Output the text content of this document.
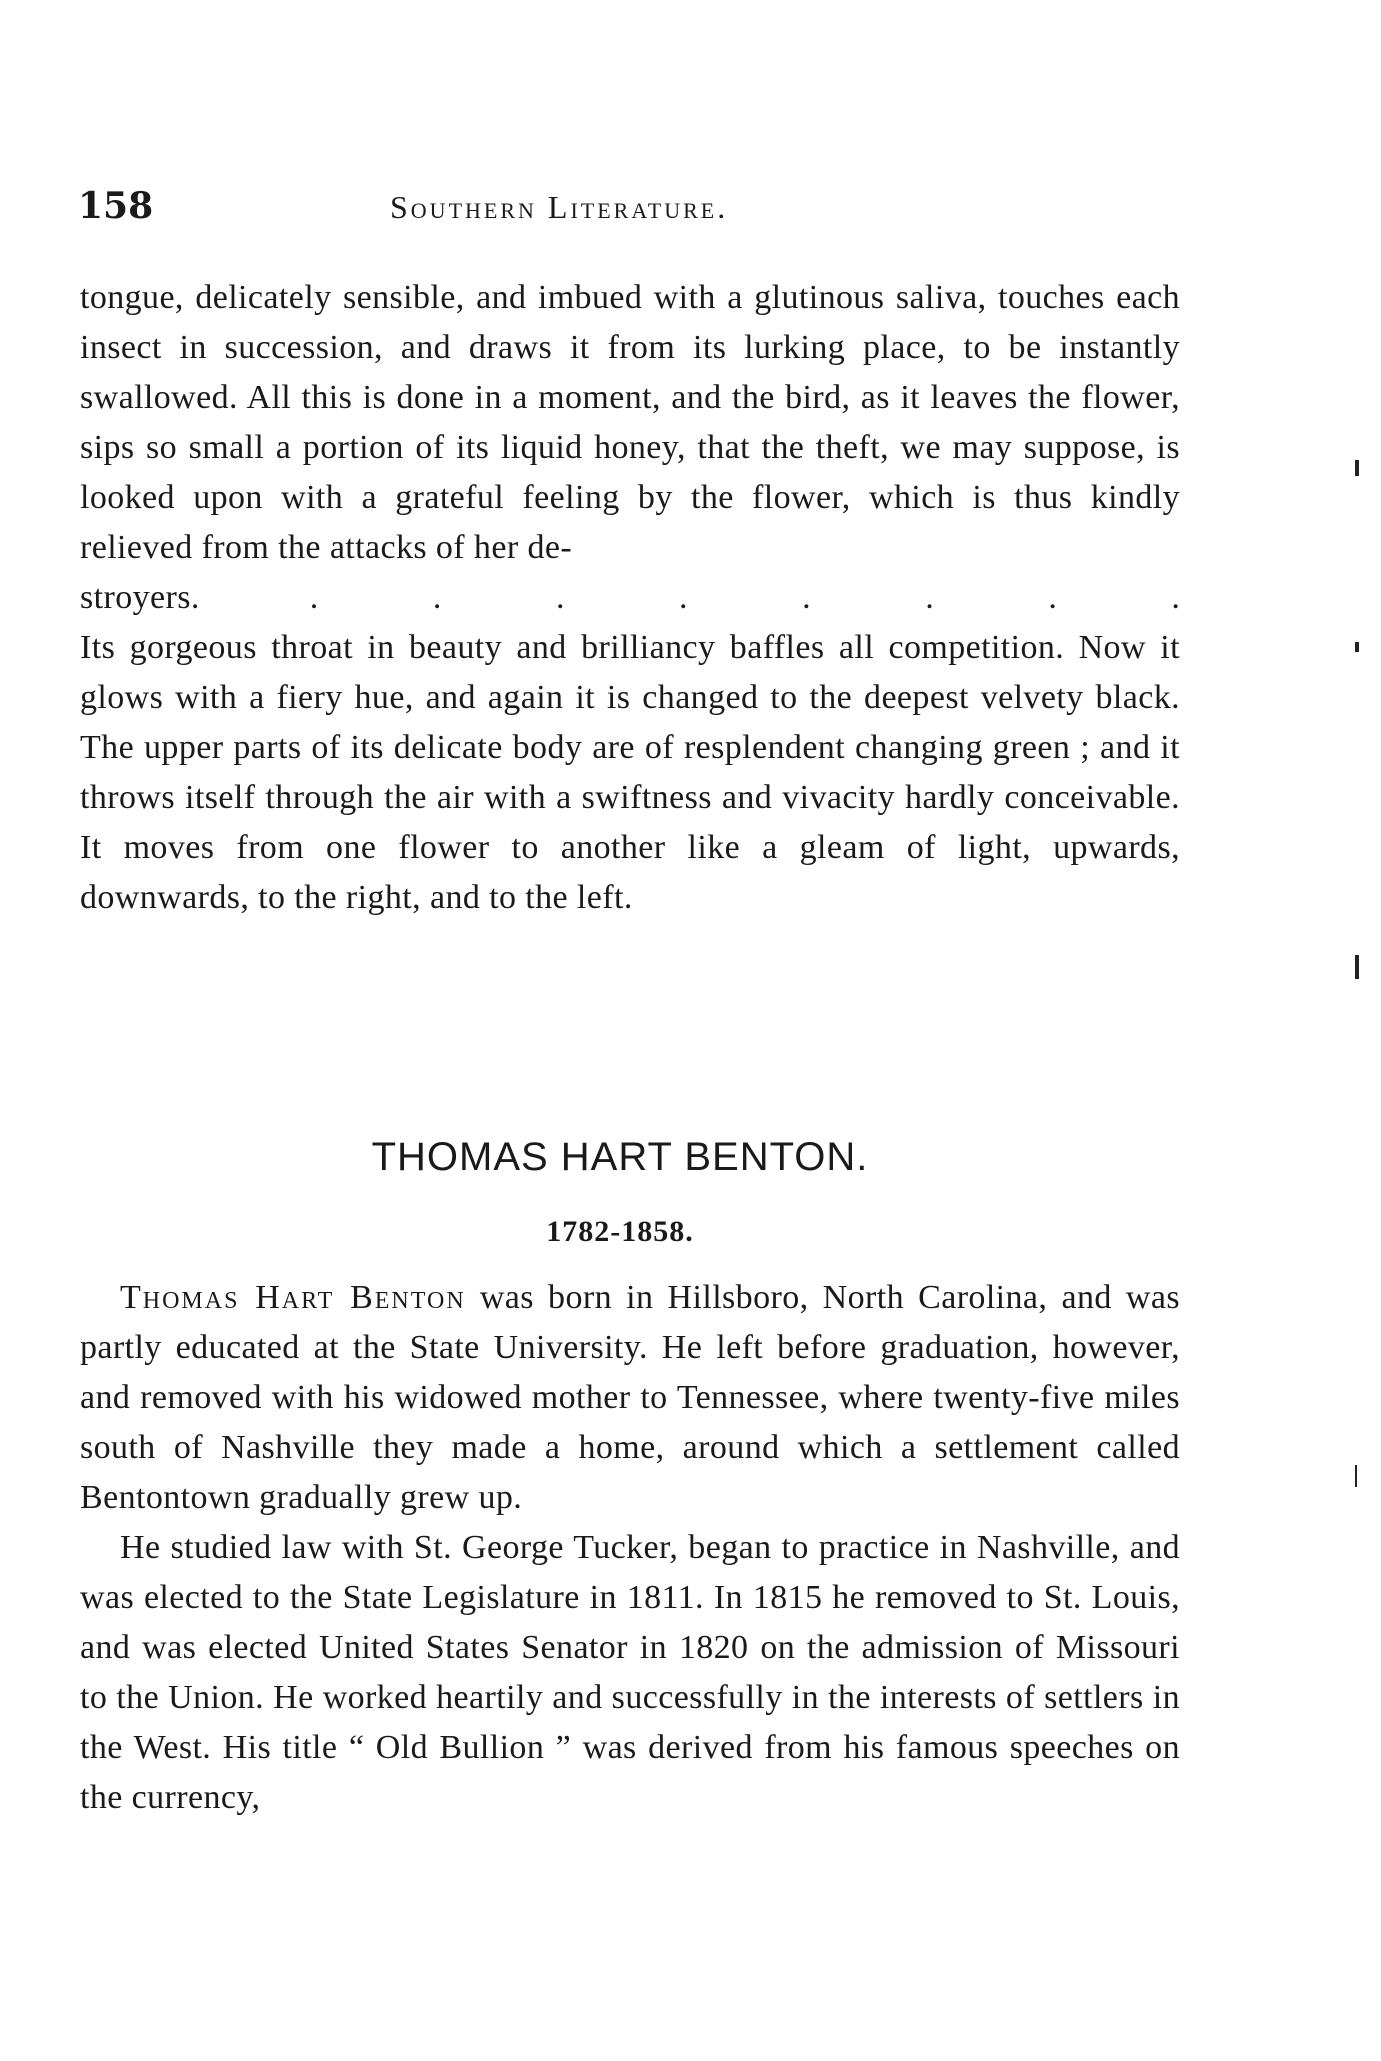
158	Southern Literature.

tongue, delicately sensible, and imbued with a glutinous saliva, touches each insect in succession, and draws it from its lurking place, to be instantly swallowed. All this is done in a moment, and the bird, as it leaves the flower, sips so small a portion of its liquid honey, that the theft, we may suppose, is looked upon with a grateful feeling by the flower, which is thus kindly relieved from the attacks of her de-

stroyers.	.	.	.	.	.	.	.	.

Its gorgeous throat in beauty and brilliancy baffles all competition. Now it glows with a fiery hue, and again it is changed to the deepest velvety black. The upper parts of its delicate body are of resplendent changing green ; and it throws itself through the air with a swiftness and vivacity hardly conceivable. It moves from one flower to another like a gleam of light, upwards, downwards, to the right, and to the left.

THOMAS HART BENTON.
1782-1858.

Thomas Hart Benton was born in Hillsboro, North Carolina, and was partly educated at the State University. He left before graduation, however, and removed with his widowed mother to Tennessee, where twenty-five miles south of Nashville they made a home, around which a settlement called Bentontown gradually grew up.

He studied law with St. George Tucker, began to practice in Nashville, and was elected to the State Legislature in 1811. In 1815 he removed to St. Louis, and was elected United States Senator in 1820 on the admission of Missouri to the Union. He worked heartily and successfully in the interests of settlers in the West. His title “ Old Bullion ” was derived from his famous speeches on the currency,
